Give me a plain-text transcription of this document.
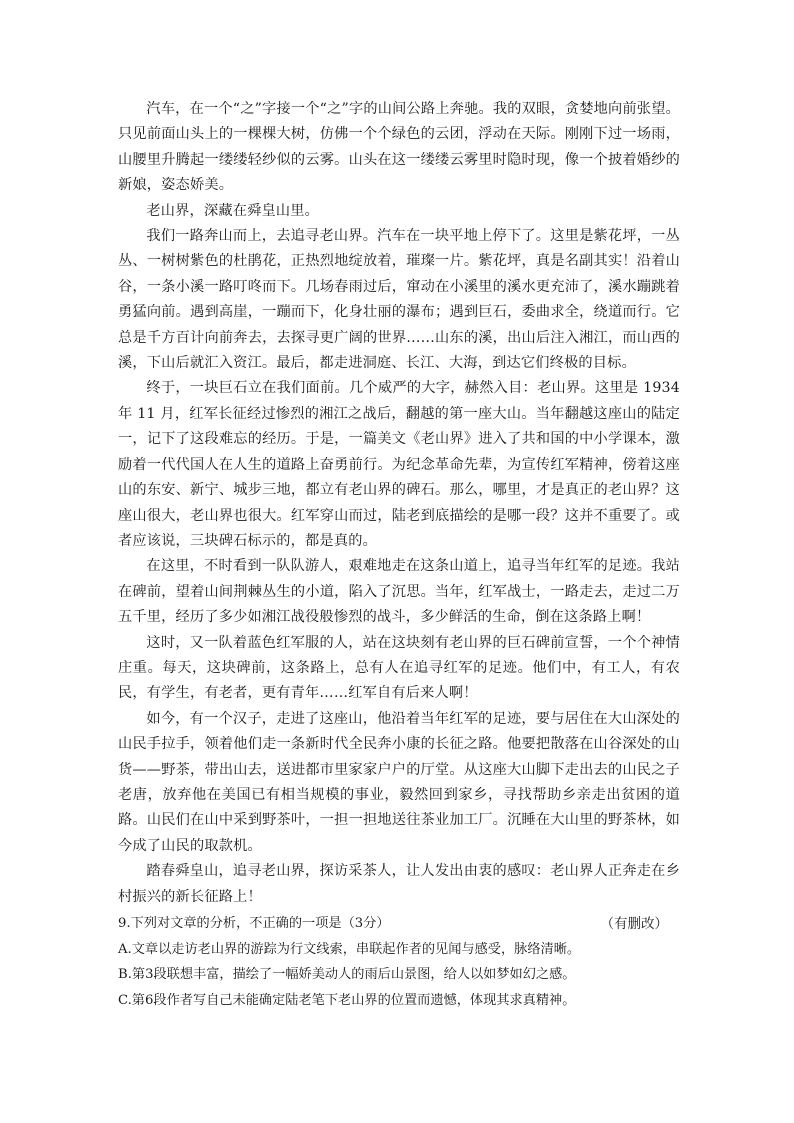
汽车，在一个“之”字接一个“之”字的山间公路上奔驰。我的双眼，贪婪地向前张望。只见前面山头上的一棵棵大树，仿佛一个个绿色的云团，浮动在天际。刚刚下过一场雨，山腰里升腾起一缕缕轻纱似的云雾。山头在这一缕缕云雾里时隐时现，像一个披着婚纱的新娘，姿态娇美。

老山界，深藏在舜皇山里。

我们一路奔山而上，去追寻老山界。汽车在一块平地上停下了。这里是紫花坪，一丛丛、一树树紫色的杜鹃花，正热烈地绽放着，璀璨一片。紫花坪，真是名副其实！沿着山谷，一条小溪一路叮咚而下。几场春雨过后，窜动在小溪里的溪水更充沛了，溪水蹦跳着勇猛向前。遇到高崖，一蹦而下，化身壮丽的瀑布；遇到巨石，委曲求全，绕道而行。它总是千方百计向前奔去，去探寻更广阔的世界……山东的溪，出山后注入湘江，而山西的溪，下山后就汇入资江。最后，都走进洞庭、长江、大海，到达它们终极的目标。

终于，一块巨石立在我们面前。几个威严的大字，赫然入目：老山界。这里是 1934 年 11 月，红军长征经过惨烈的湘江之战后，翻越的第一座大山。当年翻越这座山的陆定一，记下了这段难忘的经历。于是，一篇美文《老山界》进入了共和国的中小学课本，激励着一代代国人在人生的道路上奋勇前行。为纪念革命先辈，为宣传红军精神，傍着这座山的东安、新宁、城步三地，都立有老山界的碑石。那么，哪里，才是真正的老山界？这座山很大，老山界也很大。红军穿山而过，陆老到底描绘的是哪一段？这并不重要了。或者应该说，三块碑石标示的，都是真的。

在这里，不时看到一队队游人，艰难地走在这条山道上，追寻当年红军的足迹。我站在碑前，望着山间荆棘丛生的小道，陷入了沉思。当年，红军战士，一路走去，走过二万五千里，经历了多少如湘江战役般惨烈的战斗，多少鲜活的生命，倒在这条路上啊！

这时，又一队着蓝色红军服的人，站在这块刻有老山界的巨石碑前宣誓，一个个神情庄重。每天，这块碑前，这条路上，总有人在追寻红军的足迹。他们中，有工人，有农民，有学生，有老者，更有青年……红军自有后来人啊！

如今，有一个汉子，走进了这座山，他沿着当年红军的足迹，要与居住在大山深处的山民手拉手，领着他们走一条新时代全民奔小康的长征之路。他要把散落在山谷深处的山货——野茶，带出山去，送进都市里家家户户的厅堂。从这座大山脚下走出去的山民之子老唐，放弃他在美国已有相当规模的事业，毅然回到家乡，寻找帮助乡亲走出贫困的道路。山民们在山中采到野茶叶，一担一担地送往茶业加工厂。沉睡在大山里的野茶林，如今成了山民的取款机。

踏春舜皇山，追寻老山界，探访采茶人，让人发出由衷的感叹：老山界人正奔走在乡村振兴的新长征路上！

（有删改）

9.下列对文章的分析，不正确的一项是（3分）

A.文章以走访老山界的游踪为行文线索，串联起作者的见闻与感受，脉络清晰。

B.第3段联想丰富，描绘了一幅娇美动人的雨后山景图，给人以如梦如幻之感。

C.第6段作者写自己未能确定陆老笔下老山界的位置而遗憾，体现其求真精神。
